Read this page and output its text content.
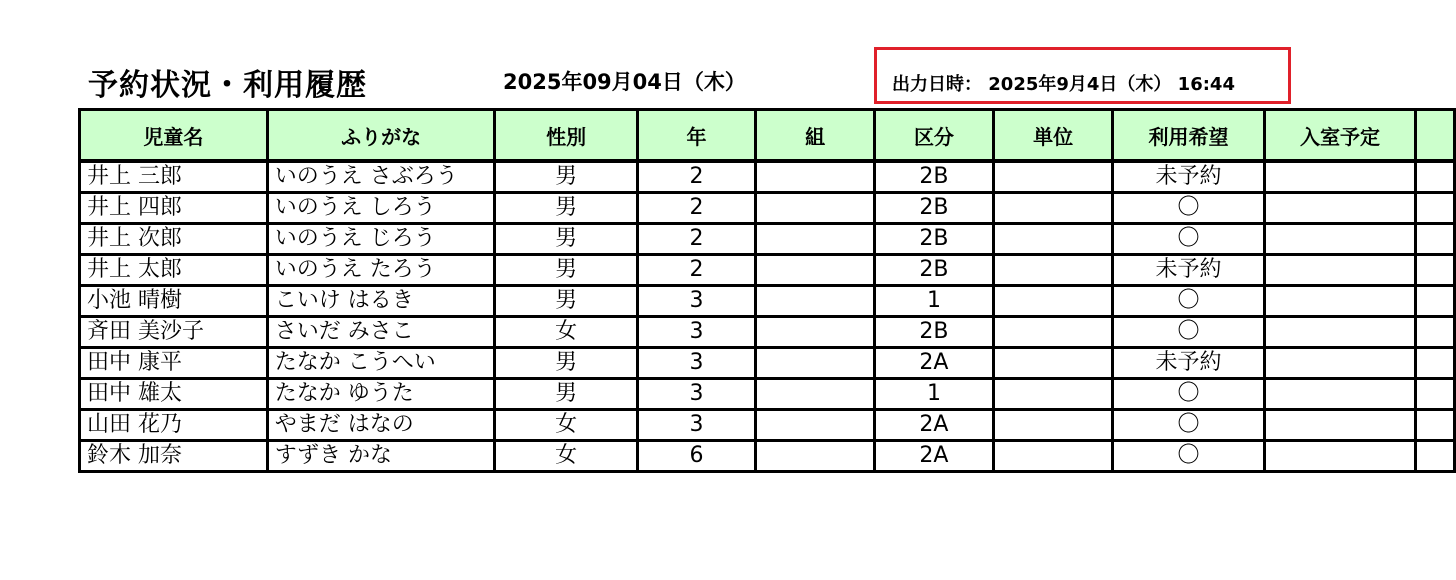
予約状況・利用履歴	2025年09月04日（木）	出力日時： 2025年9月4日（木） 16:44
児童名	ふりがな	性別	年	組	区分	単位	利用希望	入室予定	
井上 三郎	いのうえ さぶろう	男	2		2B		未予約		
井上 四郎	いのうえ しろう	男	2		2B		〇		
井上 次郎	いのうえ じろう	男	2		2B		〇		
井上 太郎	いのうえ たろう	男	2		2B		未予約		
小池 晴樹	こいけ はるき	男	3		1		〇		
斉田 美沙子	さいだ みさこ	女	3		2B		〇		
田中 康平	たなか こうへい	男	3		2A		未予約		
田中 雄太	たなか ゆうた	男	3		1		〇		
山田 花乃	やまだ はなの	女	3		2A		〇		
鈴木 加奈	すずき かな	女	6		2A		〇		
